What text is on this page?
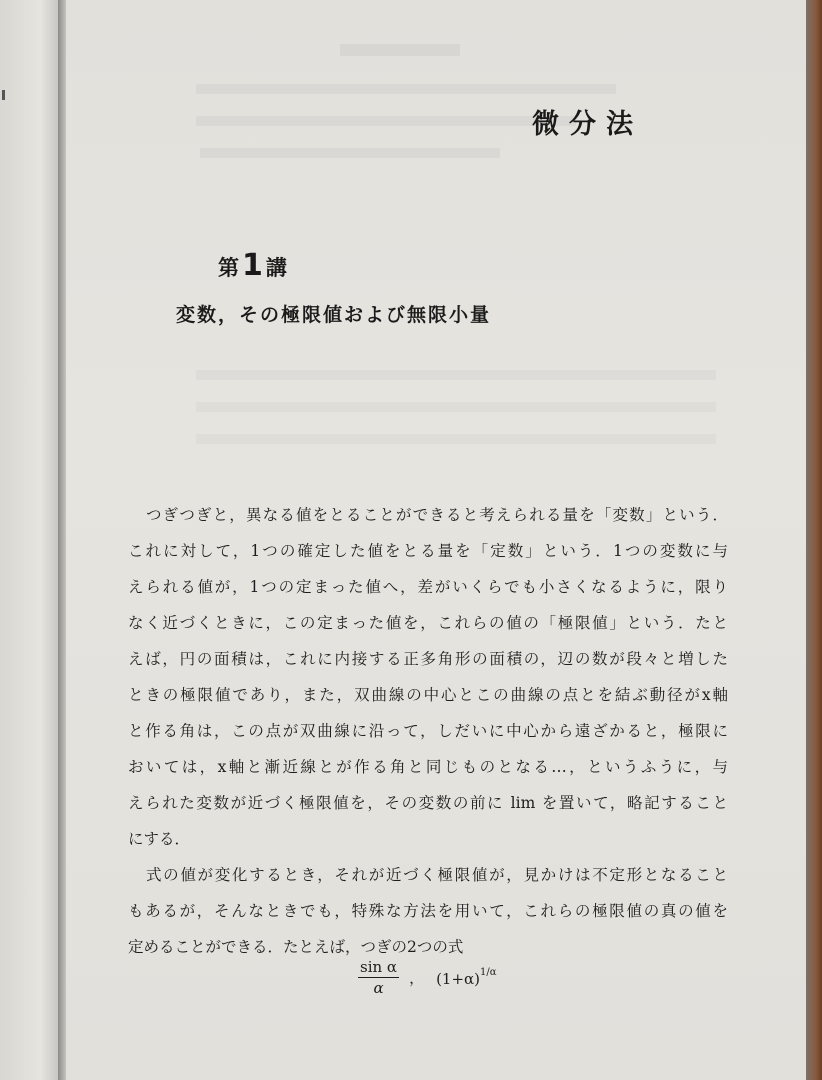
微分法
第 1 講
変数，その極限値および無限小量
つぎつぎと，異なる値をとることができると考えられる量を「変数」という．
これに対して，1つの確定した値をとる量を「定数」という．1つの変数に与
えられる値が，1つの定まった値へ，差がいくらでも小さくなるように，限り
なく近づくときに，この定まった値を，これらの値の「極限値」という．たと
えば，円の面積は，これに内接する正多角形の面積の，辺の数が段々と増した
ときの極限値であり，また，双曲線の中心とこの曲線の点とを結ぶ動径がx軸
と作る角は，この点が双曲線に沿って，しだいに中心から遠ざかると，極限に
おいては，x軸と漸近線とが作る角と同じものとなる…，というふうに，与
えられた変数が近づく極限値を，その変数の前に lim を置いて，略記すること
にする．
式の値が変化するとき，それが近づく極限値が，見かけは不定形となること
もあるが，そんなときでも，特殊な方法を用いて，これらの極限値の真の値を
定めることができる．たとえば，つぎの2つの式
$\frac{\text{sin α}}{\alpha}$ ， $(1+\alpha)^{1/\alpha}$
